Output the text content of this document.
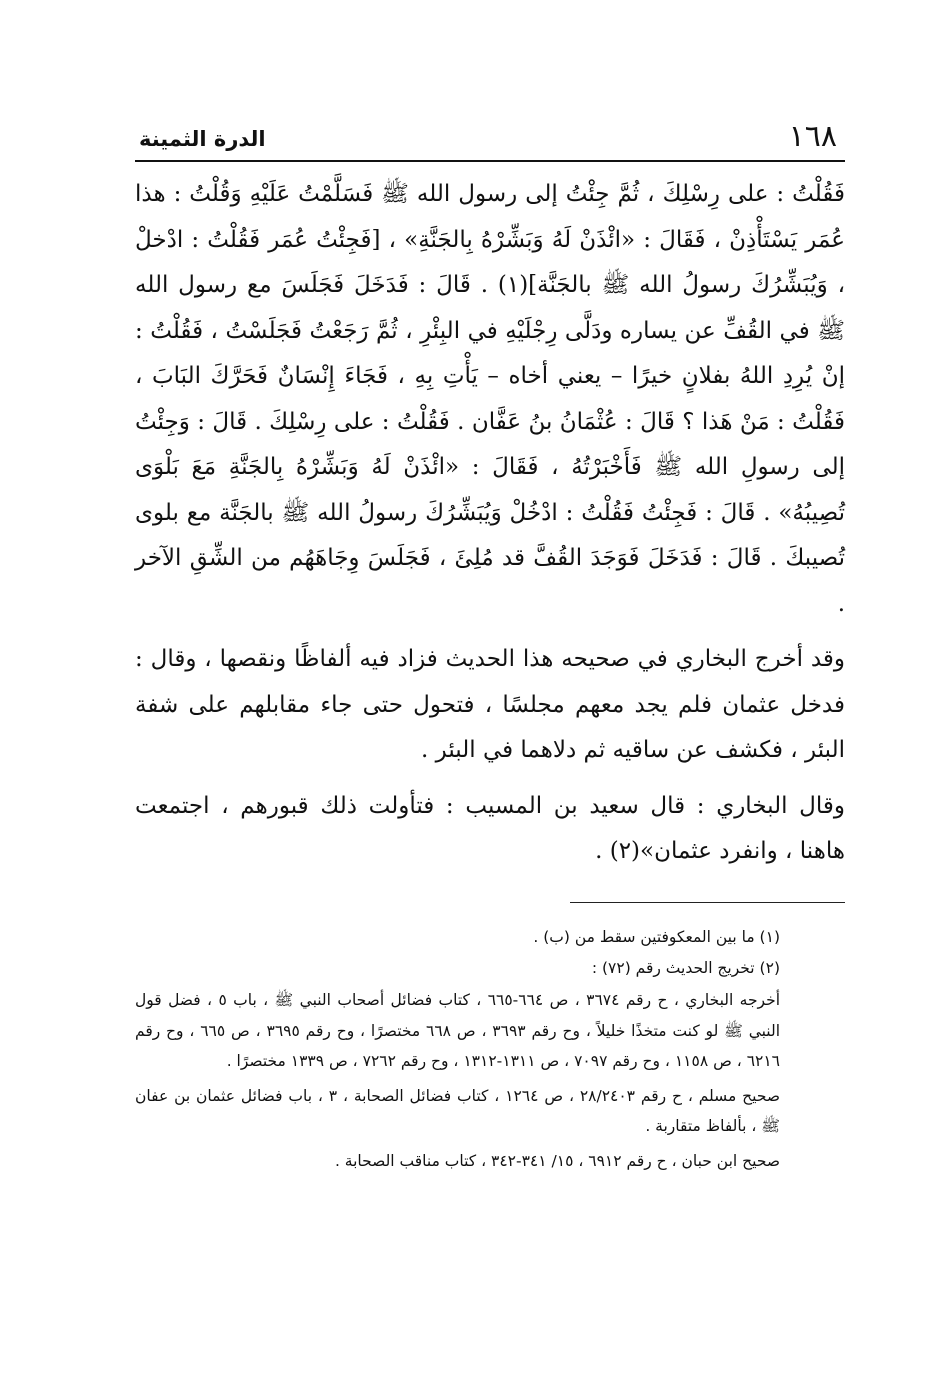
١٦٨
الدرة الثمينة

فَقُلْتُ : على رِسْلِكَ ، ثُمَّ جِئْتُ إلى رسول الله ﷺ فَسَلَّمْتُ عَلَيْهِ وَقُلْتُ : هذا عُمَر يَسْتَأْذِنْ ، فَقَالَ : «ائْذَنْ لَهُ وَبَشِّرْهُ بِالجَنَّةِ» ، [فَجِئْتُ عُمَر فَقُلْتُ : ادْخلْ ، وَيُبَشِّرُكَ رسولُ الله ﷺ بالجَنَّة](١) . قَالَ : فَدَخَلَ فَجَلَسَ مع رسول الله ﷺ في القُفِّ عن يساره ودَلَّى رِجْلَيْهِ في البِئْرِ ، ثُمَّ رَجَعْتُ فَجَلَسْتُ ، فَقُلْتُ : إنْ يُرِدِ اللهُ بفلانٍ خيرًا – يعني أخاه – يَأْتِ بِهِ ، فَجَاءَ إِنْسَانٌ فَحَرَّكَ البَابَ ، فَقُلْتُ : مَنْ هَذا ؟ قَالَ : عُثْمَانُ بنُ عَفَّان . فَقُلْتُ : على رِسْلِكَ . قَالَ : وَجِئْتُ إلى رسولِ الله ﷺ فَأَخْبَرْتُهُ ، فَقَالَ : «ائْذَنْ لَهُ وَبَشِّرْهُ بِالجَنَّةِ مَعَ بَلْوَى تُصِيبُهُ» . قَالَ : فَجِئْتُ فَقُلْتُ : ادْخُلْ وَيُبَشِّرُكَ رسولُ الله ﷺ بالجَنَّة مع بلوى تُصيبكَ . قَالَ : فَدَخَلَ فَوَجَدَ القُفَّ قد مُلِئَ ، فَجَلَسَ وِجَاهَهُم من الشِّقِ الآخر .

وقد أخرج البخاري في صحيحه هذا الحديث فزاد فيه ألفاظًا ونقصها ، وقال : فدخل عثمان فلم يجد معهم مجلسًا ، فتحول حتى جاء مقابلهم على شفة البئر ، فكشف عن ساقيه ثم دلاهما في البئر .

وقال البخاري : قال سعيد بن المسيب : فتأولت ذلك قبورهم ، اجتمعت هاهنا ، وانفرد عثمان»(٢) .

(١) ما بين المعكوفتين سقط من (ب) .

(٢) تخريج الحديث رقم (٧٢) :

أخرجه البخاري ، ح رقم ٣٦٧٤ ، ص ٦٦٤-٦٦٥ ، كتاب فضائل أصحاب النبي ﷺ ، باب ٥ ، فضل قول النبي ﷺ لو كنت متخذًا خليلاً ، وح رقم ٣٦٩٣ ، ص ٦٦٨ مختصرًا ، وح رقم ٣٦٩٥ ، ص ٦٦٥ ، وح رقم ٦٢١٦ ، ص ١١٥٨ ، وح رقم ٧٠٩٧ ، ص ١٣١١-١٣١٢ ، وح رقم ٧٢٦٢ ، ص ١٣٣٩ مختصرًا .

صحيح مسلم ، ح رقم ٢٨/٢٤٠٣ ، ص ١٢٦٤ ، كتاب فضائل الصحابة ، ٣ ، باب فضائل عثمان بن عفان ﷺ ، بألفاظ متقاربة .

صحيح ابن حبان ، ح رقم ٦٩١٢ ، ١٥/ ٣٤١-٣٤٢ ، كتاب مناقب الصحابة .
